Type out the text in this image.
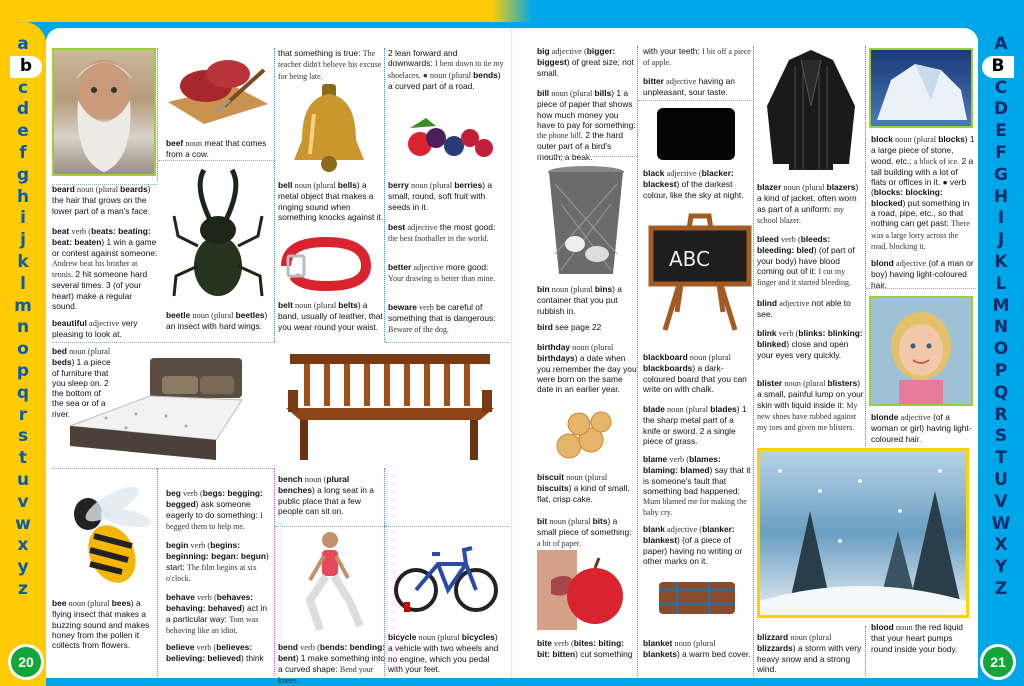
a
b
c
d
e
f
g
h
i
j
k
l
m
n
o
p
q
r
s
t
u
v
w
x
y
z
A
B
C
D
E
F
G
H
I
J
K
L
M
N
O
P
Q
R
S
T
U
V
W
X
Y
Z
beard noun (plural beards) the hair that grows on the lower part of a man's face.
beat verb (beats: beating: beat: beaten) 1 win a game or contest against someone: Andrew beat his brother at tennis. 2 hit someone hard several times. 3 (of your heart) make a regular sound.
beautiful adjective very pleasing to look at.
bed noun (plural beds) 1 a piece of furniture that you sleep on. 2 the bottom of the sea or of a river.
bee noun (plural bees) a flying insect that makes a buzzing sound and makes honey from the pollen it collects from flowers.
beef noun meat that comes from a cow.
beetle noun (plural beetles) an insect with hard wings.
beg verb (begs: begging: begged) ask someone eagerly to do something: I begged them to help me.
begin verb (begins: beginning: began: begun) start: The film begins at six o'clock.
behave verb (behaves: behaving: behaved) act in a particular way: Tom was behaving like an idiot.
believe verb (believes: believing: believed) think
that something is true: The teacher didn't believe his excuse for being late.
bell noun (plural bells) a metal object that makes a ringing sound when something knocks against it.
belt noun (plural belts) a band, usually of leather, that you wear round your waist.
bench noun (plural benches) a long seat in a public place that a few people can sit on.
bend verb (bends: bending: bent) 1 make something into a curved shape: Bend your knees.
2 lean forward and downwards: I bent down to tie my shoelaces. ● noun (plural bends) a curved part of a road.
berry noun (plural berries) a small, round, soft fruit with seeds in it.
best adjective the most good: the best footballer in the world.
better adjective more good: Your drawing is better than mine.
beware verb be careful of something that is dangerous: Beware of the dog.
bicycle noun (plural bicycles) a vehicle with two wheels and no engine, which you pedal with your feet.
big adjective (bigger: biggest) of great size; not small.
bill noun (plural bills) 1 a piece of paper that shows how much money you have to pay for something: the phone bill. 2 the hard outer part of a bird's mouth; a beak.
bin noun (plural bins) a container that you put rubbish in.
bird see page 22
birthday noun (plural birthdays) a date when you remember the day you were born on the same date in an earlier year.
biscuit noun (plural biscuits) a kind of small, flat, crisp cake.
bit noun (plural bits) a small piece of something: a bit of paper.
bite verb (bites: biting: bit: bitten) cut something
with your teeth: I bit off a piece of apple.
bitter adjective having an unpleasant, sour taste.
black adjective (blacker: blackest) of the darkest colour, like the sky at night.
ABC
blackboard noun (plural blackboards) a dark-coloured board that you can write on with chalk.
blade noun (plural blades) 1 the sharp metal part of a knife or sword. 2 a single piece of grass.
blame verb (blames: blaming: blamed) say that it is someone's fault that something bad happened: Mum blamed me for making the baby cry.
blank adjective (blanker: blankest) (of a piece of paper) having no writing or other marks on it.
blanket noun (plural blankets) a warm bed cover.
blazer noun (plural blazers) a kind of jacket, often worn as part of a uniform: my school blazer.
bleed verb (bleeds: bleeding: bled) (of part of your body) have blood coming out of it: I cut my finger and it started bleeding.
blind adjective not able to see.
blink verb (blinks: blinking: blinked) close and open your eyes very quickly.
blister noun (plural blisters) a small, painful lump on your skin with liquid inside it: My new shoes have rubbed against my toes and given me blisters.
blizzard noun (plural blizzards) a storm with very heavy snow and a strong wind.
block noun (plural blocks) 1 a large piece of stone, wood, etc.: a block of ice. 2 a tall building with a lot of flats or offices in it. ● verb (blocks: blocking: blocked) put something in a road, pipe, etc., so that nothing can get past: There was a large lorry across the road, blocking it.
blond adjective (of a man or boy) having light-coloured hair.
blonde adjective (of a woman or girl) having light-coloured hair.
blood noun the red liquid that your heart pumps round inside your body.
20	21
